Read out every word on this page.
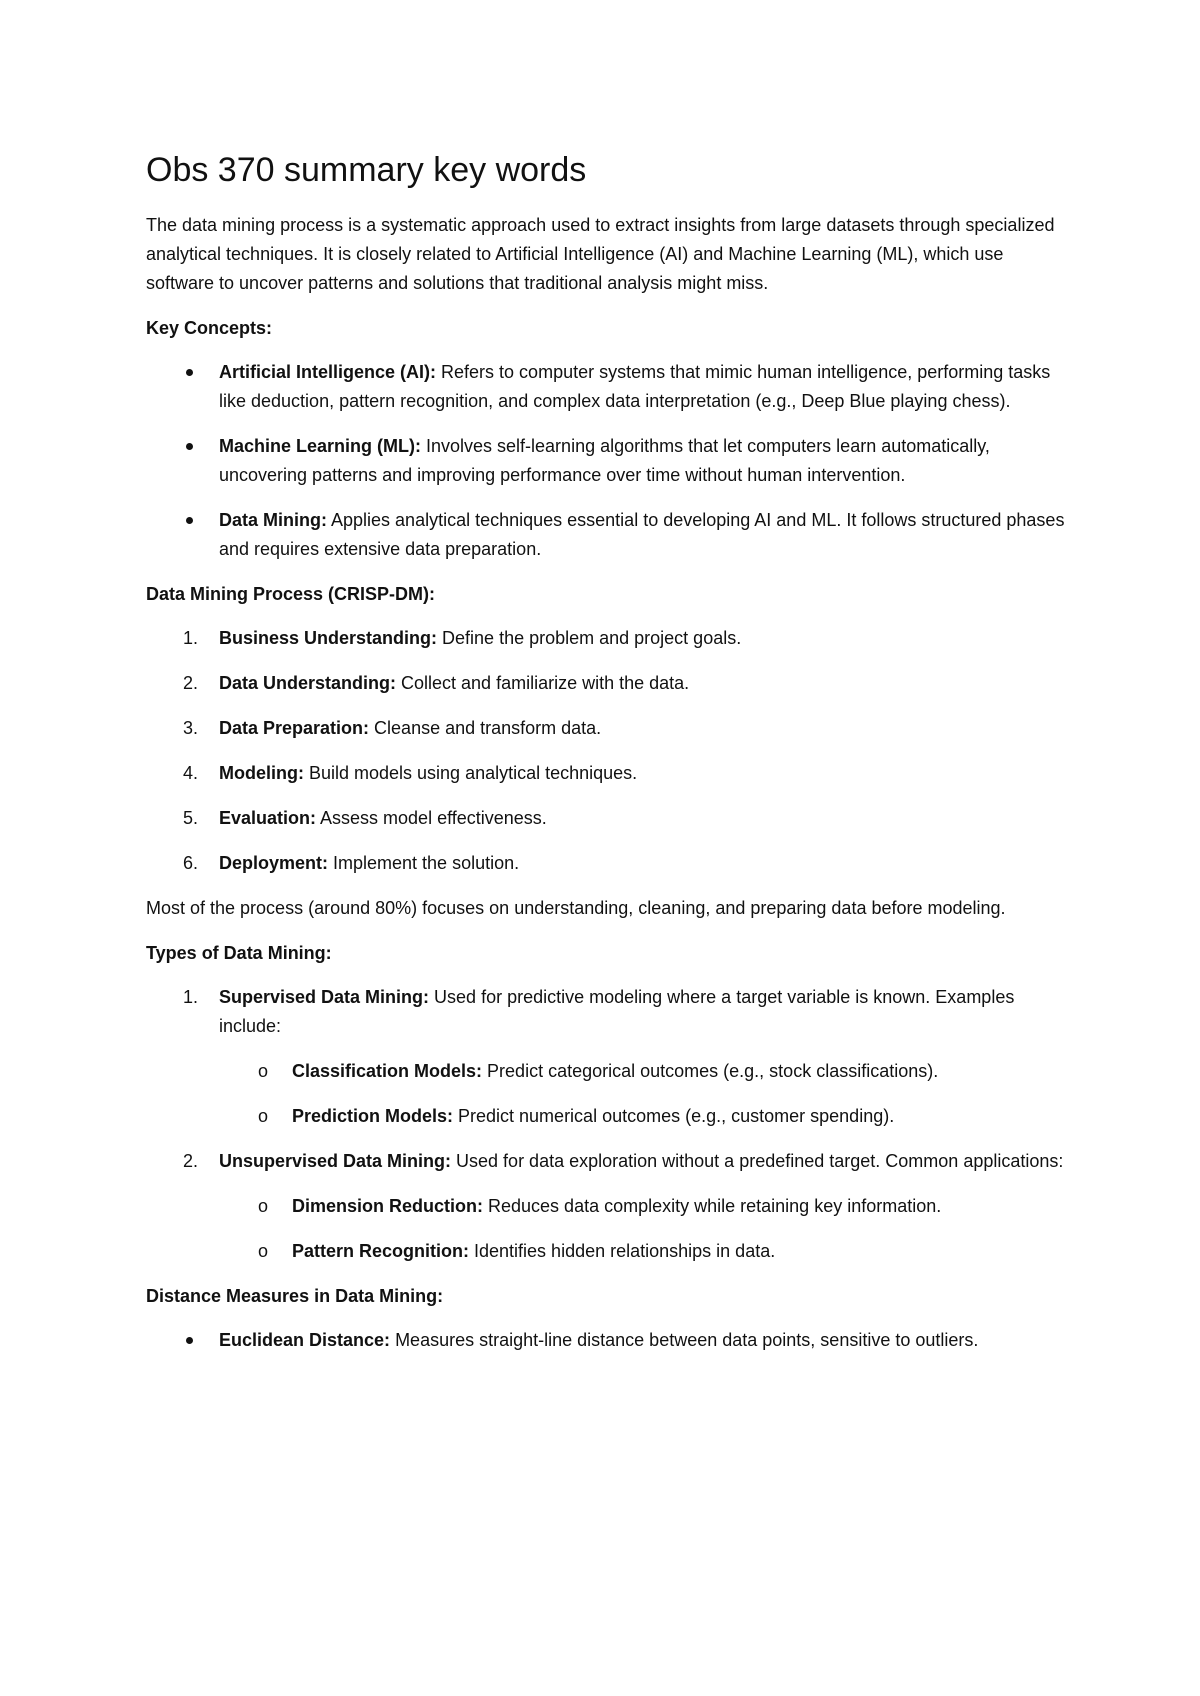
Obs 370 summary key words

The data mining process is a systematic approach used to extract insights from large datasets through specialized analytical techniques. It is closely related to Artificial Intelligence (AI) and Machine Learning (ML), which use software to uncover patterns and solutions that traditional analysis might miss.

Key Concepts:
Artificial Intelligence (AI): Refers to computer systems that mimic human intelligence, performing tasks like deduction, pattern recognition, and complex data interpretation (e.g., Deep Blue playing chess).
Machine Learning (ML): Involves self-learning algorithms that let computers learn automatically, uncovering patterns and improving performance over time without human intervention.
Data Mining: Applies analytical techniques essential to developing AI and ML. It follows structured phases and requires extensive data preparation.
Data Mining Process (CRISP-DM):
1.	Business Understanding: Define the problem and project goals.
2.	Data Understanding: Collect and familiarize with the data.
3.	Data Preparation: Cleanse and transform data.
4.	Modeling: Build models using analytical techniques.
5.	Evaluation: Assess model effectiveness.
6.	Deployment: Implement the solution.

Most of the process (around 80%) focuses on understanding, cleaning, and preparing data before modeling.

Types of Data Mining:
1.	Supervised Data Mining: Used for predictive modeling where a target variable is known. Examples include:
o Classification Models: Predict categorical outcomes (e.g., stock classifications).
o Prediction Models: Predict numerical outcomes (e.g., customer spending).
2.	Unsupervised Data Mining: Used for data exploration without a predefined target. Common applications:
o Dimension Reduction: Reduces data complexity while retaining key information.
o Pattern Recognition: Identifies hidden relationships in data.
Distance Measures in Data Mining:
Euclidean Distance: Measures straight-line distance between data points, sensitive to outliers.
